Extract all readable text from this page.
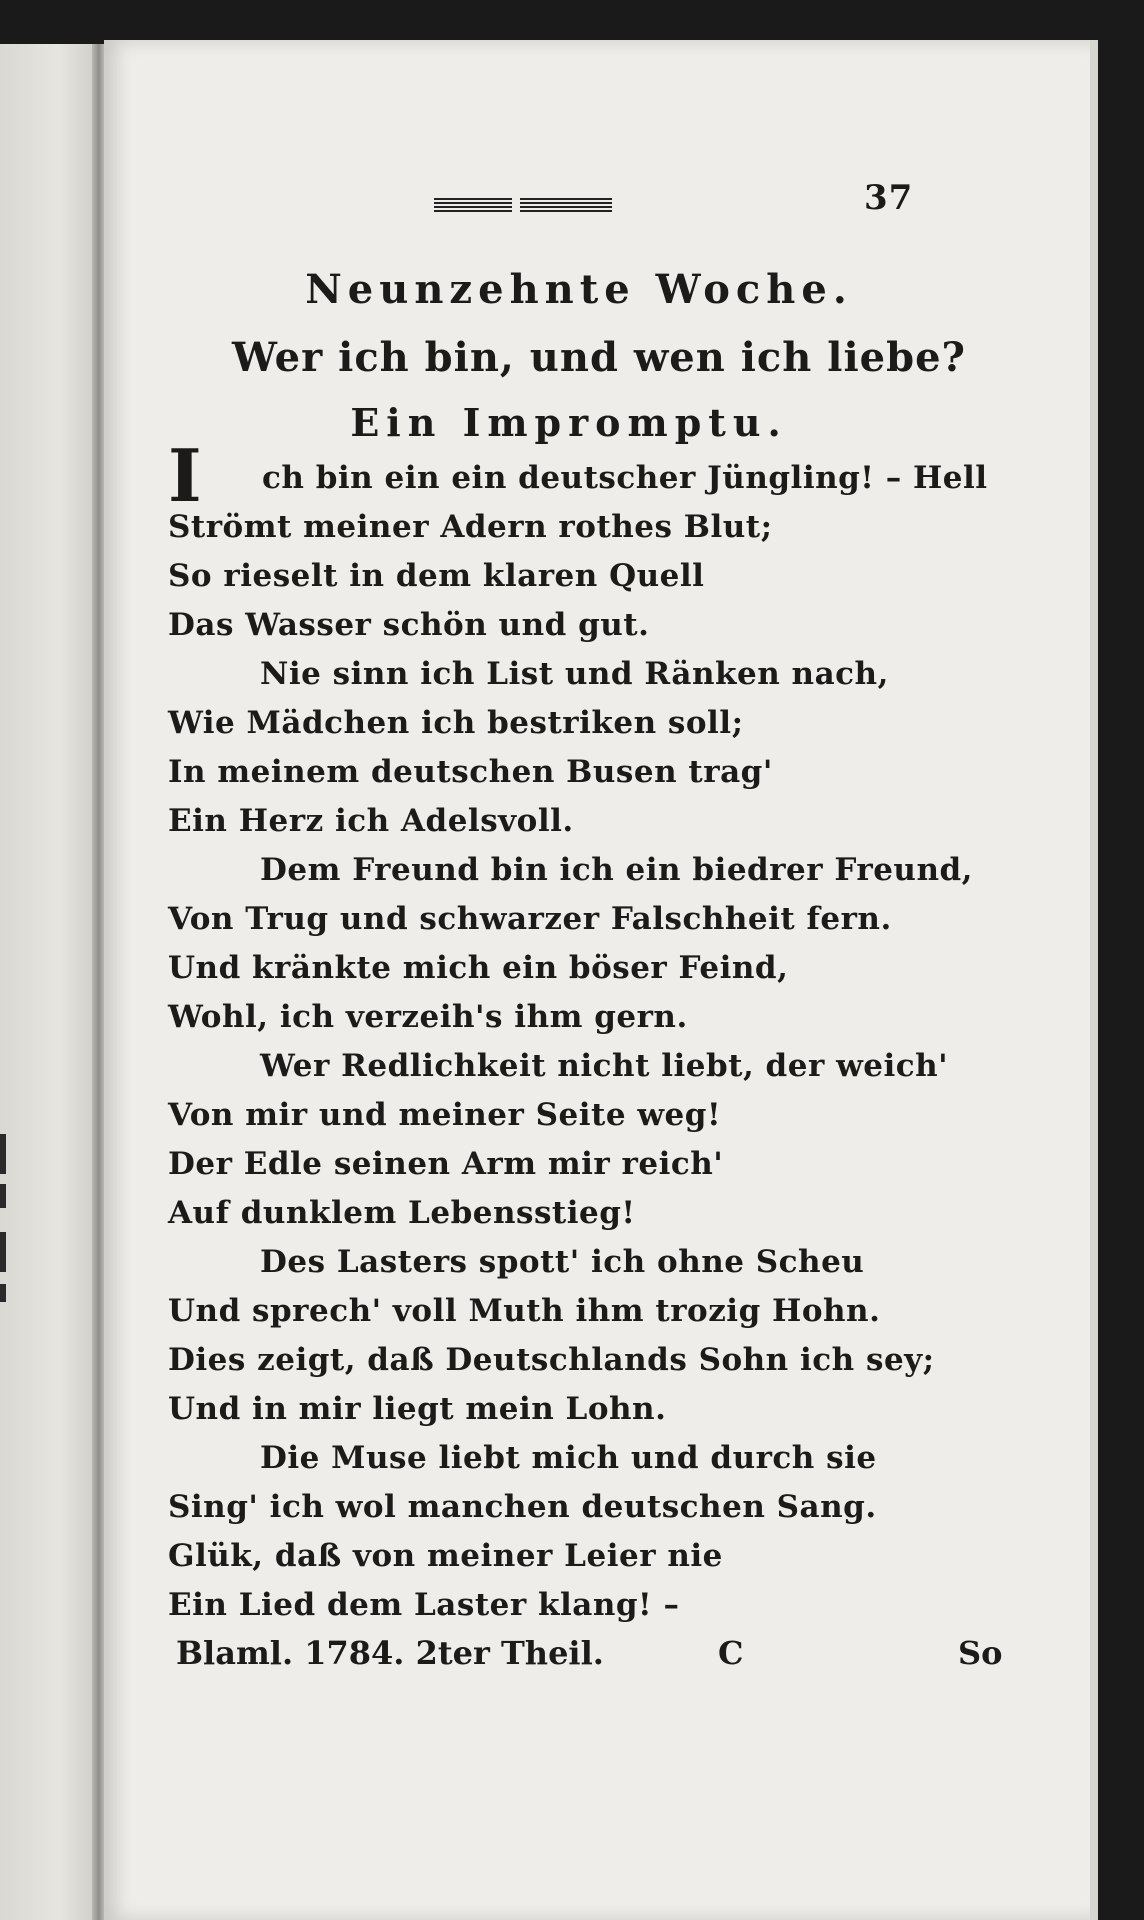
37
Neunzehnte Woche.
Wer ich bin, und wen ich liebe?
Ein Impromptu.
I ch bin ein ein deutscher Jüngling! – Hell
Strömt meiner Adern rothes Blut;
So rieselt in dem klaren Quell
Das Wasser schön und gut.
Nie sinn ich List und Ränken nach,
Wie Mädchen ich bestriken soll;
In meinem deutschen Busen trag'
Ein Herz ich Adelsvoll.
Dem Freund bin ich ein biedrer Freund,
Von Trug und schwarzer Falschheit fern.
Und kränkte mich ein böser Feind,
Wohl, ich verzeih's ihm gern.
Wer Redlichkeit nicht liebt, der weich'
Von mir und meiner Seite weg!
Der Edle seinen Arm mir reich'
Auf dunklem Lebensstieg!
Des Lasters spott' ich ohne Scheu
Und sprech' voll Muth ihm trozig Hohn.
Dies zeigt, daß Deutschlands Sohn ich sey;
Und in mir liegt mein Lohn.
Die Muse liebt mich und durch sie
Sing' ich wol manchen deutschen Sang.
Glük, daß von meiner Leier nie
Ein Lied dem Laster klang! –
Blaml. 1784. 2ter Theil.	C	So
